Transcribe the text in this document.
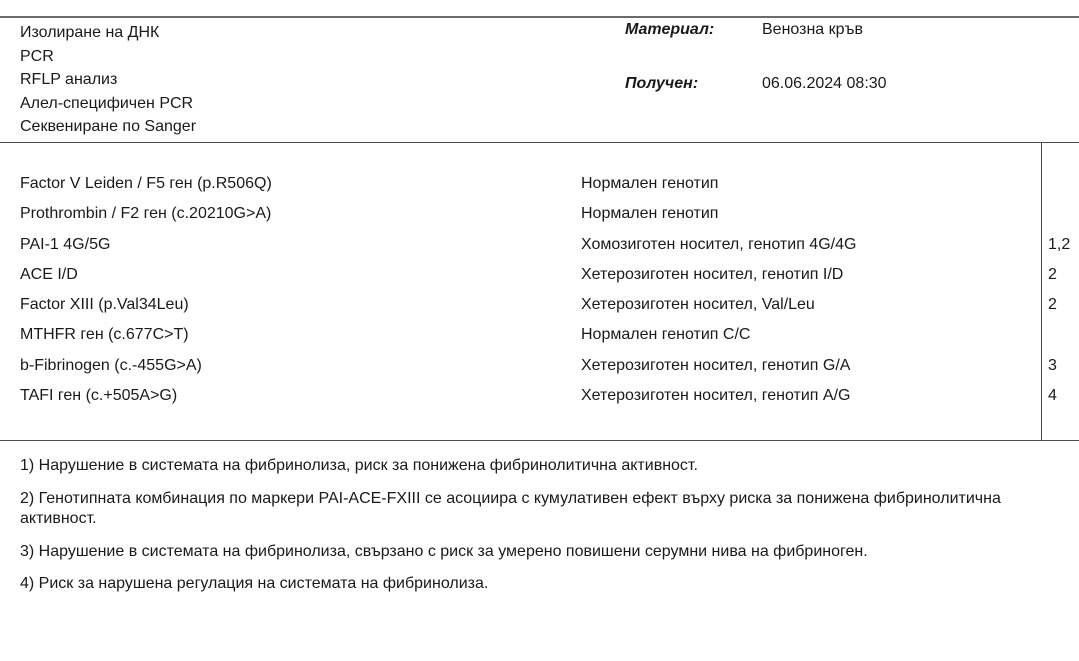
Изолиране на ДНК
PCR
RFLP анализ
Алел-специфичен PCR
Секвениране по Sanger
Материал:	Венозна кръв
Получен:	06.06.2024 08:30
Factor V Leiden / F5 ген (p.R506Q)	Нормален генотип
Prothrombin / F2 ген (c.20210G>A)	Нормален генотип
PAI-1 4G/5G	Хомозиготен носител, генотип 4G/4G	1,2
ACE I/D	Хетерозиготен носител, генотип I/D	2
Factor XIII (p.Val34Leu)	Хетерозиготен носител, Val/Leu	2
MTHFR ген (c.677C>T)	Нормален генотип C/C
b-Fibrinogen (c.-455G>A)	Хетерозиготен носител, генотип G/A	3
TAFI ген (c.+505A>G)	Хетерозиготен носител, генотип A/G	4
1) Нарушение в системата на фибринолиза, риск за понижена фибринолитична активност.
2) Генотипната комбинация по маркери PAI-ACE-FXIII се асоциира с кумулативен ефект върху риска за понижена фибринолитична активност.
3) Нарушение в системата на фибринолиза, свързано с риск за умерено повишени серумни нива на фибриноген.
4) Риск за нарушена регулация на системата на фибринолиза.
